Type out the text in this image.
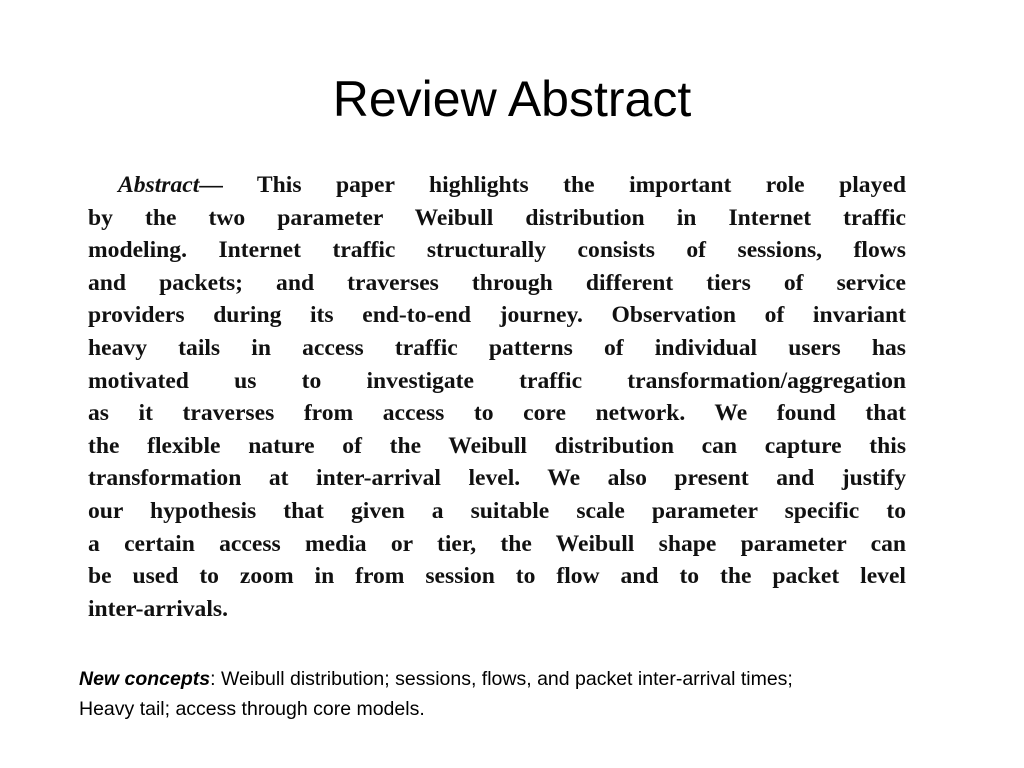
Review Abstract
Abstract— This paper highlights the important role played
by the two parameter Weibull distribution in Internet traffic
modeling. Internet traffic structurally consists of sessions, flows
and packets; and traverses through different tiers of service
providers during its end-to-end journey. Observation of invariant
heavy tails in access traffic patterns of individual users has
motivated us to investigate traffic transformation/aggregation
as it traverses from access to core network. We found that
the flexible nature of the Weibull distribution can capture this
transformation at inter-arrival level. We also present and justify
our hypothesis that given a suitable scale parameter specific to
a certain access media or tier, the Weibull shape parameter can
be used to zoom in from session to flow and to the packet level
inter-arrivals.
New concepts: Weibull distribution; sessions, flows, and packet inter-arrival times;
Heavy tail; access through core models.
